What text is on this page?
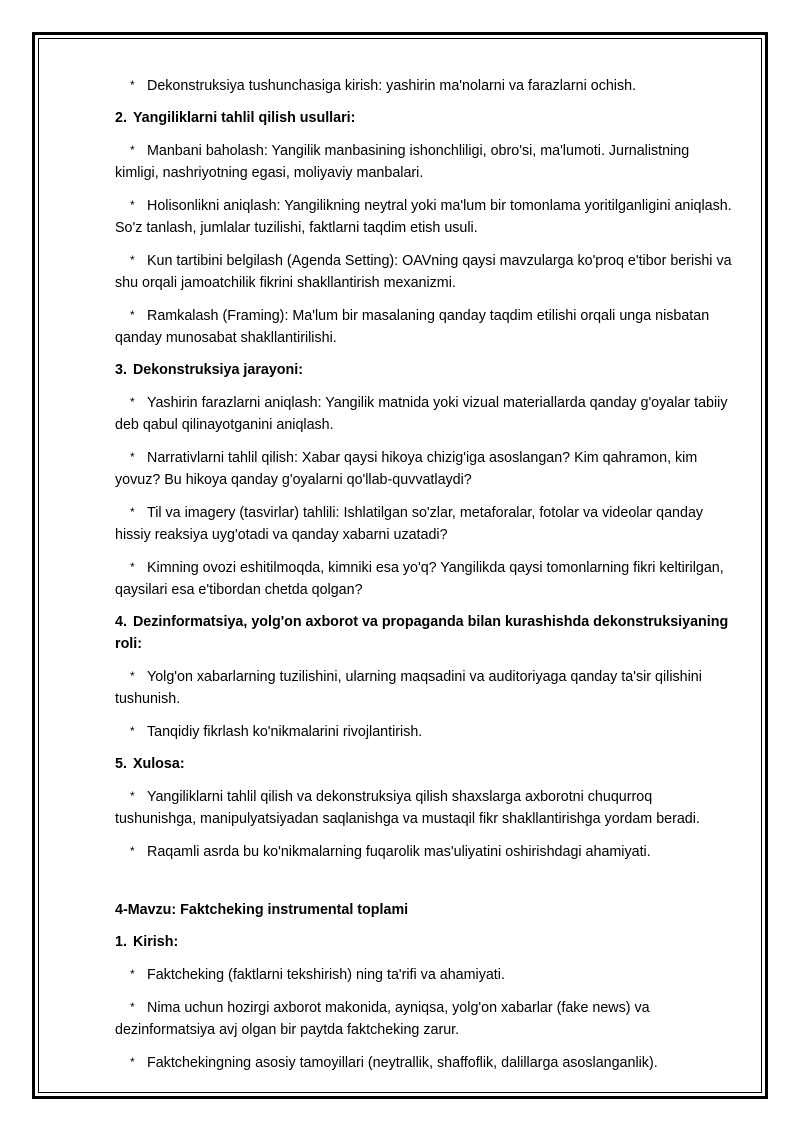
* Dekonstruksiya tushunchasiga kirish: yashirin ma'nolarni va farazlarni ochish.

2. Yangiliklarni tahlil qilish usullari:

* Manbani baholash: Yangilik manbasining ishonchliligi, obro'si, ma'lumoti. Jurnalistning kimligi, nashriyotning egasi, moliyaviy manbalari.

* Holisonlikni aniqlash: Yangilikning neytral yoki ma'lum bir tomonlama yoritilganligini aniqlash. So'z tanlash, jumlalar tuzilishi, faktlarni taqdim etish usuli.

* Kun tartibini belgilash (Agenda Setting): OAVning qaysi mavzularga ko'proq e'tibor berishi va shu orqali jamoatchilik fikrini shakllantirish mexanizmi.

* Ramkalash (Framing): Ma'lum bir masalaning qanday taqdim etilishi orqali unga nisbatan qanday munosabat shakllantirilishi.

3. Dekonstruksiya jarayoni:

* Yashirin farazlarni aniqlash: Yangilik matnida yoki vizual materiallarda qanday g'oyalar tabiiy deb qabul qilinayotganini aniqlash.

* Narrativlarni tahlil qilish: Xabar qaysi hikoya chizig'iga asoslangan? Kim qahramon, kim yovuz? Bu hikoya qanday g'oyalarni qo'llab-quvvatlaydi?

* Til va imagery (tasvirlar) tahlili: Ishlatilgan so'zlar, metaforalar, fotolar va videolar qanday hissiy reaksiya uyg'otadi va qanday xabarni uzatadi?

* Kimning ovozi eshitilmoqda, kimniki esa yo'q? Yangilikda qaysi tomonlarning fikri keltirilgan, qaysilari esa e'tibordan chetda qolgan?

4. Dezinformatsiya, yolg'on axborot va propaganda bilan kurashishda dekonstruksiyaning roli:

* Yolg'on xabarlarning tuzilishini, ularning maqsadini va auditoriyaga qanday ta'sir qilishini tushunish.

* Tanqidiy fikrlash ko'nikmalarini rivojlantirish.

5. Xulosa:

* Yangiliklarni tahlil qilish va dekonstruksiya qilish shaxslarga axborotni chuqurroq tushunishga, manipulyatsiyadan saqlanishga va mustaqil fikr shakllantirishga yordam beradi.

* Raqamli asrda bu ko'nikmalarning fuqarolik mas'uliyatini oshirishdagi ahamiyati.

4-Mavzu: Faktcheking instrumental toplami

1. Kirish:

* Faktcheking (faktlarni tekshirish) ning ta'rifi va ahamiyati.

* Nima uchun hozirgi axborot makonida, ayniqsa, yolg'on xabarlar (fake news) va dezinformatsiya avj olgan bir paytda faktcheking zarur.

* Faktchekingning asosiy tamoyillari (neytrallik, shaffoflik, dalillarga asoslanganlik).
